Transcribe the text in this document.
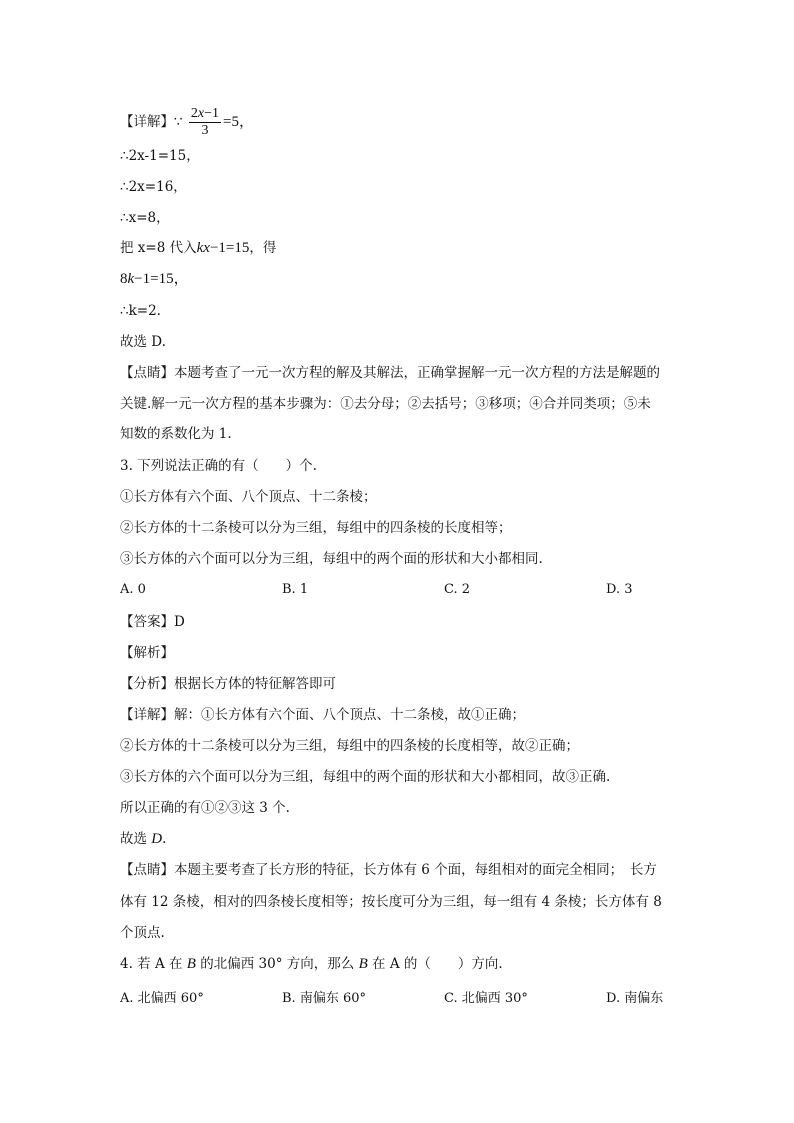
【详解】∵ $\frac{2x-1}{3} =5$，
∴2x-1=15，
∴2x=16，
∴x=8，
把 x=8 代入kx−1=15，得
8k−1=15，
∴k=2.
故选 D.
【点睛】本题考查了一元一次方程的解及其解法，正确掌握解一元一次方程的方法是解题的
关键.解一元一次方程的基本步骤为：①去分母；②去括号；③移项；④合并同类项；⑤未
知数的系数化为 1.
3. 下列说法正确的有（　　）个.
①长方体有六个面、八个顶点、十二条棱；
②长方体的十二条棱可以分为三组，每组中的四条棱的长度相等；
③长方体的六个面可以分为三组，每组中的两个面的形状和大小都相同.
A. 0	B. 1	C. 2	D. 3
【答案】D
【解析】
【分析】根据长方体的特征解答即可
【详解】解：①长方体有六个面、八个顶点、十二条棱，故①正确；
②长方体的十二条棱可以分为三组，每组中的四条棱的长度相等，故②正确；
③长方体的六个面可以分为三组，每组中的两个面的形状和大小都相同，故③正确.
所以正确的有①②③这 3 个.
故选 D.
【点睛】本题主要考查了长方形的特征，长方体有 6 个面，每组相对的面完全相同；　长方
体有 12 条棱，相对的四条棱长度相等；按长度可分为三组，每一组有 4 条棱；长方体有 8
个顶点.
4. 若 A 在 B 的北偏西 30° 方向，那么 B 在 A 的（　　）方向.
A. 北偏西 60°	B. 南偏东 60°	C. 北偏西 30°	D. 南偏东
